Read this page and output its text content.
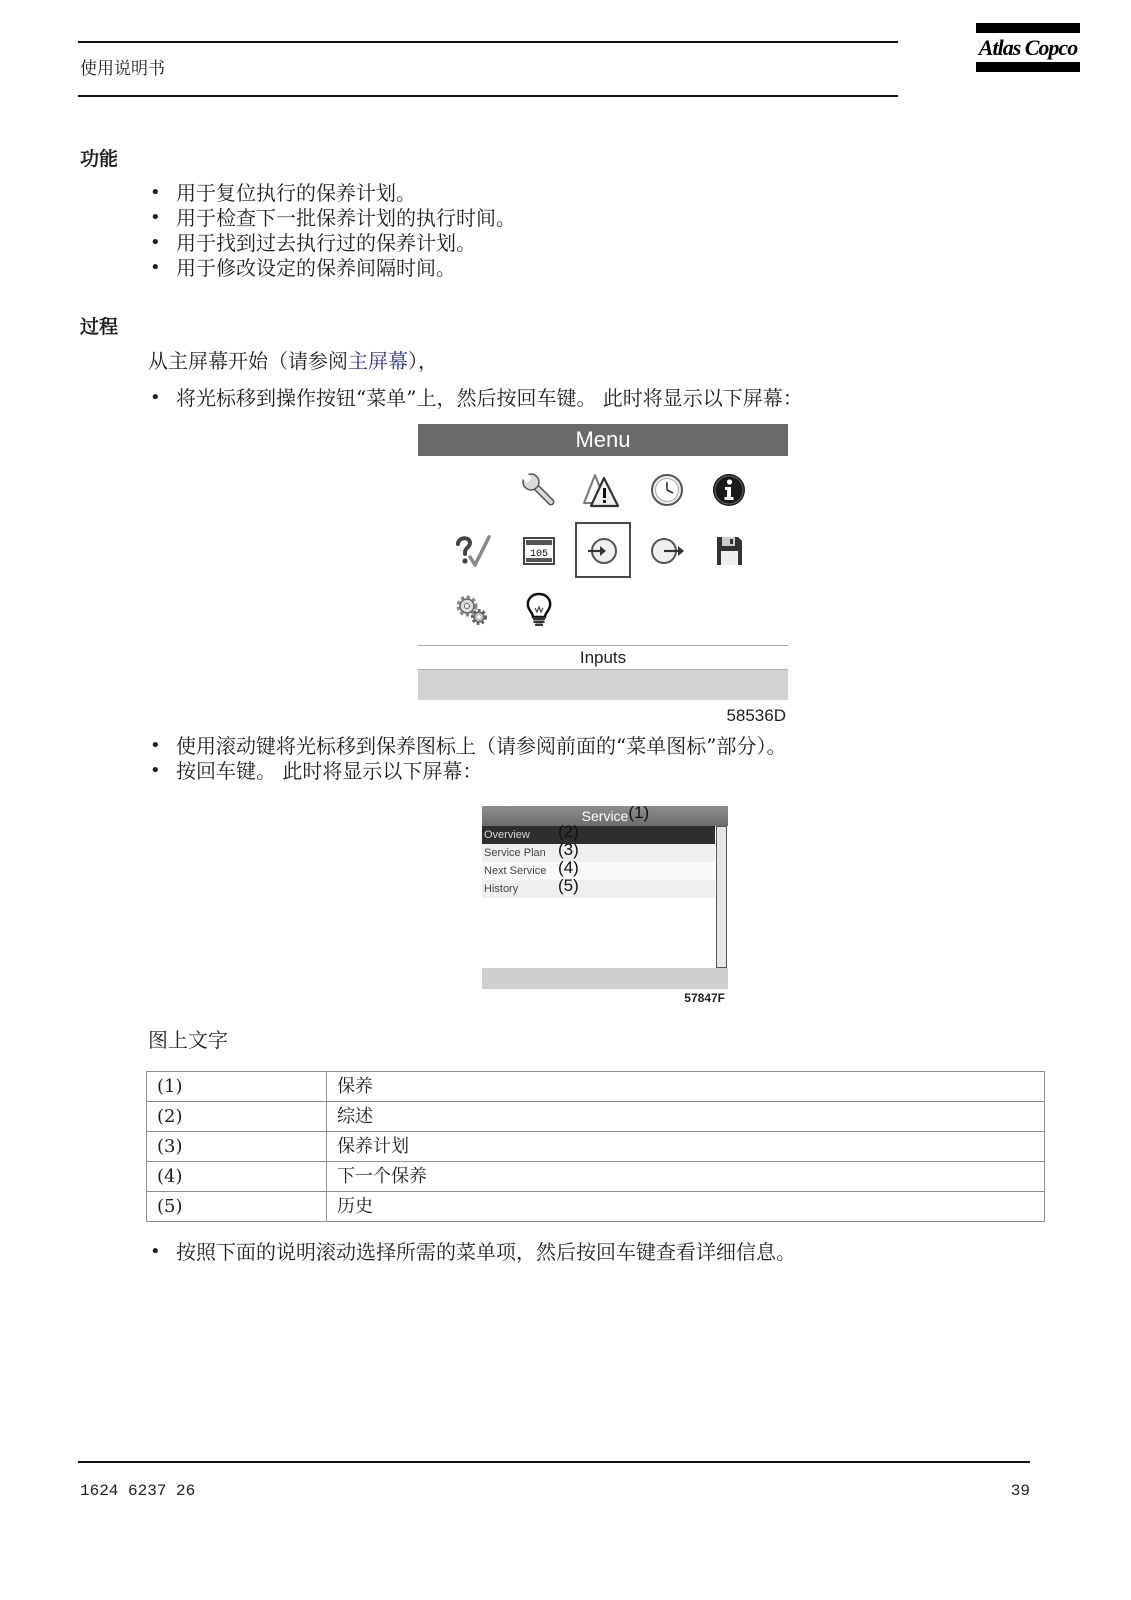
使用说明书
Atlas Copco
功能
• 用于复位执行的保养计划。
• 用于检查下一批保养计划的执行时间。
• 用于找到过去执行过的保养计划。
• 用于修改设定的保养间隔时间。
过程
从主屏幕开始（请参阅主屏幕），
• 将光标移到操作按钮“菜单”上，然后按回车键。 此时将显示以下屏幕：
Menu
105
Inputs
58536D
• 使用滚动键将光标移到保养图标上（请参阅前面的“菜单图标”部分）。
• 按回车键。 此时将显示以下屏幕：
Service (1)
Overview
Service Plan
Next Service
History
(2)
(3)
(4)
(5)
57847F
图上文字
(1)	保养
(2)	综述
(3)	保养计划
(4)	下一个保养
(5)	历史
• 按照下面的说明滚动选择所需的菜单项，然后按回车键查看详细信息。
1624 6237 26	39
